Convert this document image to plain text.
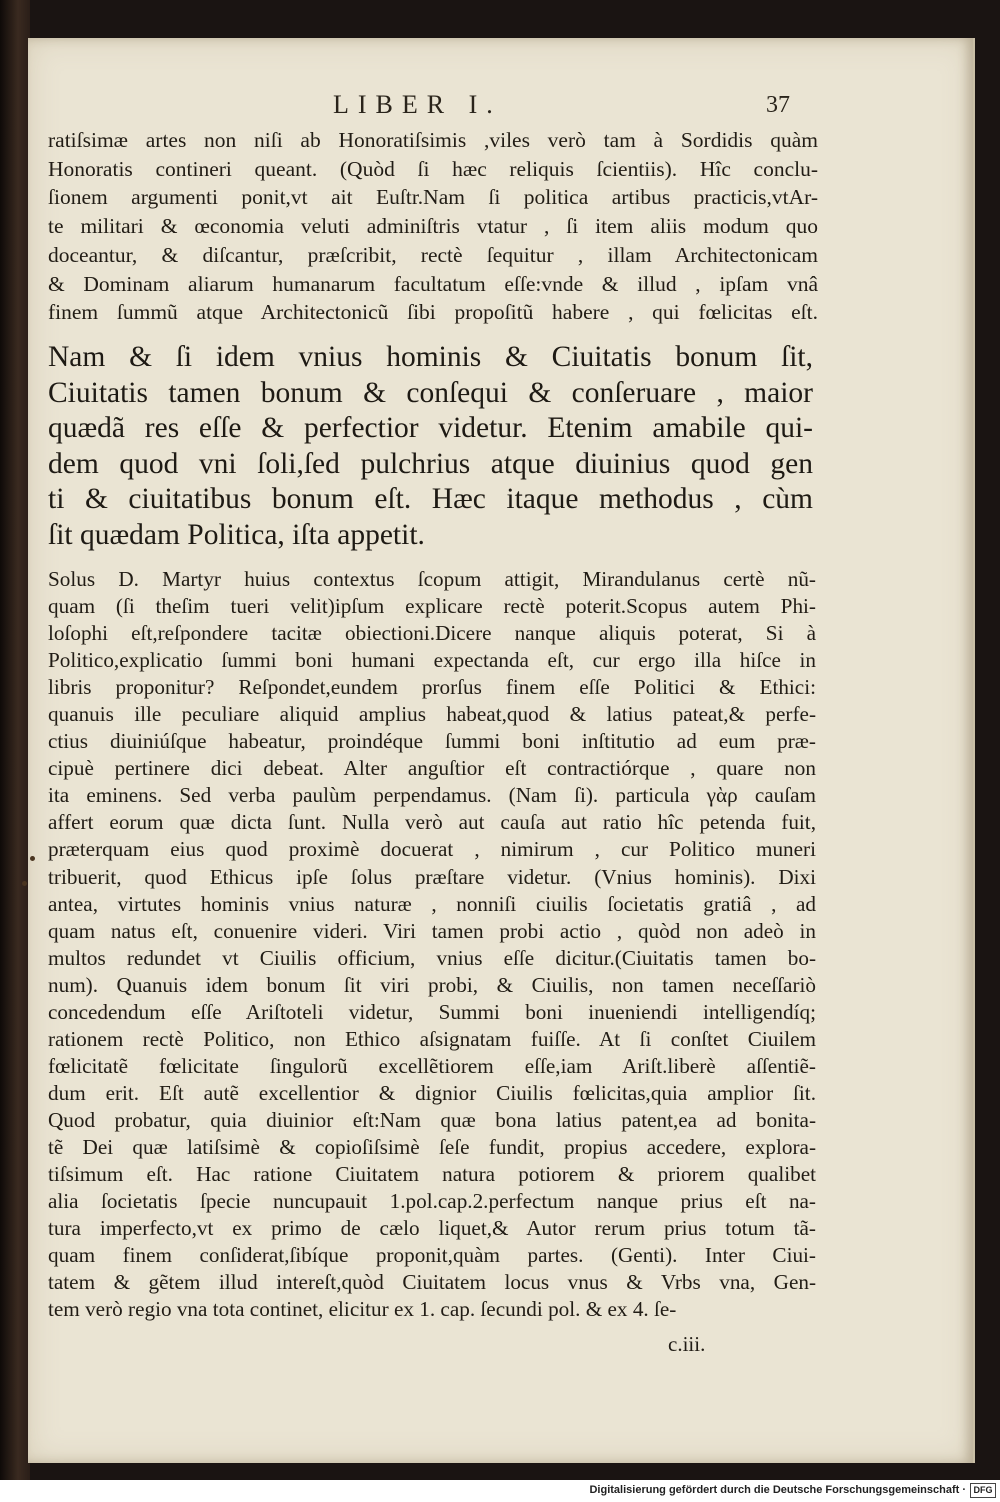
LIBER I.	37
ratiſsimæ artes non niſi ab Honoratiſsimis ,viles verò tam à Sordidis quàm
Honoratis contineri queant. (Quòd ſi hæc reliquis ſcientiis). Hîc conclu-
ſionem argumenti ponit,vt ait Euſtr.Nam ſi politica artibus practicis,vtAr-
te militari & œconomia veluti adminiſtris vtatur , ſi item aliis modum quo
doceantur, & diſcantur, præſcribit, rectè ſequitur , illam Architectonicam
& Dominam aliarum humanarum facultatum eſſe:vnde & illud , ipſam vnâ
finem ſummũ atque Architectonicũ ſibi propoſitũ habere , qui fœlicitas eſt.
Nam & ſi idem vnius hominis & Ciuitatis bonum ſit,
Ciuitatis tamen bonum & conſequi & conſeruare , maior
quædã res eſſe & perfectior videtur. Etenim amabile qui-
dem quod vni ſoli,ſed pulchrius atque diuinius quod gen
ti & ciuitatibus bonum eſt. Hæc itaque methodus , cùm
ſit quædam Politica, iſta appetit.
Solus D. Martyr huius contextus ſcopum attigit, Mirandulanus certè nũ-
quam (ſi theſim tueri velit)ipſum explicare rectè poterit.Scopus autem Phi-
loſophi eſt,reſpondere tacitæ obiectioni.Dicere nanque aliquis poterat, Si à
Politico,explicatio ſummi boni humani expectanda eſt, cur ergo illa hiſce in
libris proponitur? Reſpondet,eundem prorſus finem eſſe Politici & Ethici:
quanuis ille peculiare aliquid amplius habeat,quod & latius pateat,& perfe-
ctius diuiniúſque habeatur, proindéque ſummi boni inſtitutio ad eum præ-
cipuè pertinere dici debeat. Alter anguſtior eſt contractiórque , quare non
ita eminens. Sed verba paulùm perpendamus. (Nam ſi). particula γὰρ cauſam
affert eorum quæ dicta ſunt. Nulla verò aut cauſa aut ratio hîc petenda fuit,
præterquam eius quod proximè docuerat , nimirum , cur Politico muneri
tribuerit, quod Ethicus ipſe ſolus præſtare videtur. (Vnius hominis). Dixi
antea, virtutes hominis vnius naturæ , nonniſi ciuilis ſocietatis gratiâ , ad
quam natus eſt, conuenire videri. Viri tamen probi actio , quòd non adeò in
multos redundet vt Ciuilis officium, vnius eſſe dicitur.(Ciuitatis tamen bo-
num). Quanuis idem bonum ſit viri probi, & Ciuilis, non tamen neceſſariò
concedendum eſſe Ariſtoteli videtur, Summi boni inueniendi intelligendíq;
rationem rectè Politico, non Ethico aſsignatam fuiſſe. At ſi conſtet Ciuilem
fœlicitatẽ fœlicitate ſingulorũ excellẽtiorem eſſe,iam Ariſt.liberè aſſentiẽ-
dum erit. Eſt autẽ excellentior & dignior Ciuilis fœlicitas,quia amplior ſit.
Quod probatur, quia diuinior eſt:Nam quæ bona latius patent,ea ad bonita-
tẽ Dei quæ latiſsimè & copioſiſsimè ſeſe fundit, propius accedere, explora-
tiſsimum eſt. Hac ratione Ciuitatem natura potiorem & priorem qualibet
alia ſocietatis ſpecie nuncupauit 1.pol.cap.2.perfectum nanque prius eſt na-
tura imperfecto,vt ex primo de cælo liquet,& Autor rerum prius totum tã-
quam finem conſiderat,ſibíque proponit,quàm partes. (Genti). Inter Ciui-
tatem & gẽtem illud intereſt,quòd Ciuitatem locus vnus & Vrbs vna, Gen-
tem verò regio vna tota continet, elicitur ex 1. cap. ſecundi pol. & ex 4. ſe-
c.iii.
Digitalisierung gefördert durch die Deutsche Forschungsgemeinschaft · DFG
